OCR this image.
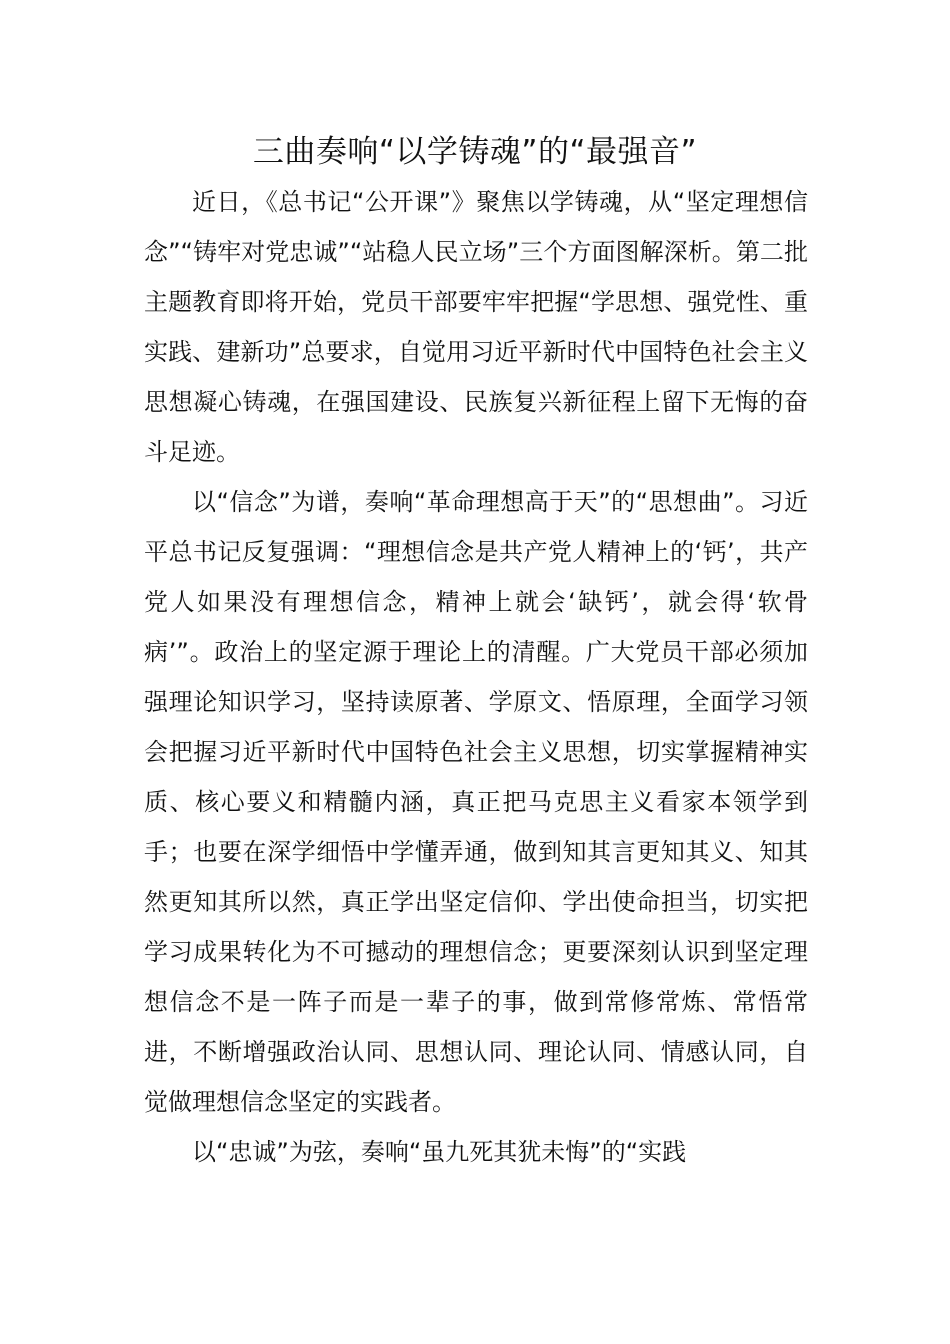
三曲奏响“以学铸魂”的“最强音”

近日，《总书记“公开课”》聚焦以学铸魂，从“坚定理想信念”“铸牢对党忠诚”“站稳人民立场”三个方面图解深析。第二批主题教育即将开始，党员干部要牢牢把握“学思想、强党性、重实践、建新功”总要求，自觉用习近平新时代中国特色社会主义思想凝心铸魂，在强国建设、民族复兴新征程上留下无悔的奋斗足迹。

以“信念”为谱，奏响“革命理想高于天”的“思想曲”。习近平总书记反复强调：“理想信念是共产党人精神上的‘钙’，共产党人如果没有理想信念，精神上就会‘缺钙’，就会得‘软骨病’”。政治上的坚定源于理论上的清醒。广大党员干部必须加强理论知识学习，坚持读原著、学原文、悟原理，全面学习领会把握习近平新时代中国特色社会主义思想，切实掌握精神实质、核心要义和精髓内涵，真正把马克思主义看家本领学到手；也要在深学细悟中学懂弄通，做到知其言更知其义、知其然更知其所以然，真正学出坚定信仰、学出使命担当，切实把学习成果转化为不可撼动的理想信念；更要深刻认识到坚定理想信念不是一阵子而是一辈子的事，做到常修常炼、常悟常进，不断增强政治认同、思想认同、理论认同、情感认同，自觉做理想信念坚定的实践者。

以“忠诚”为弦，奏响“虽九死其犹未悔”的“实践
